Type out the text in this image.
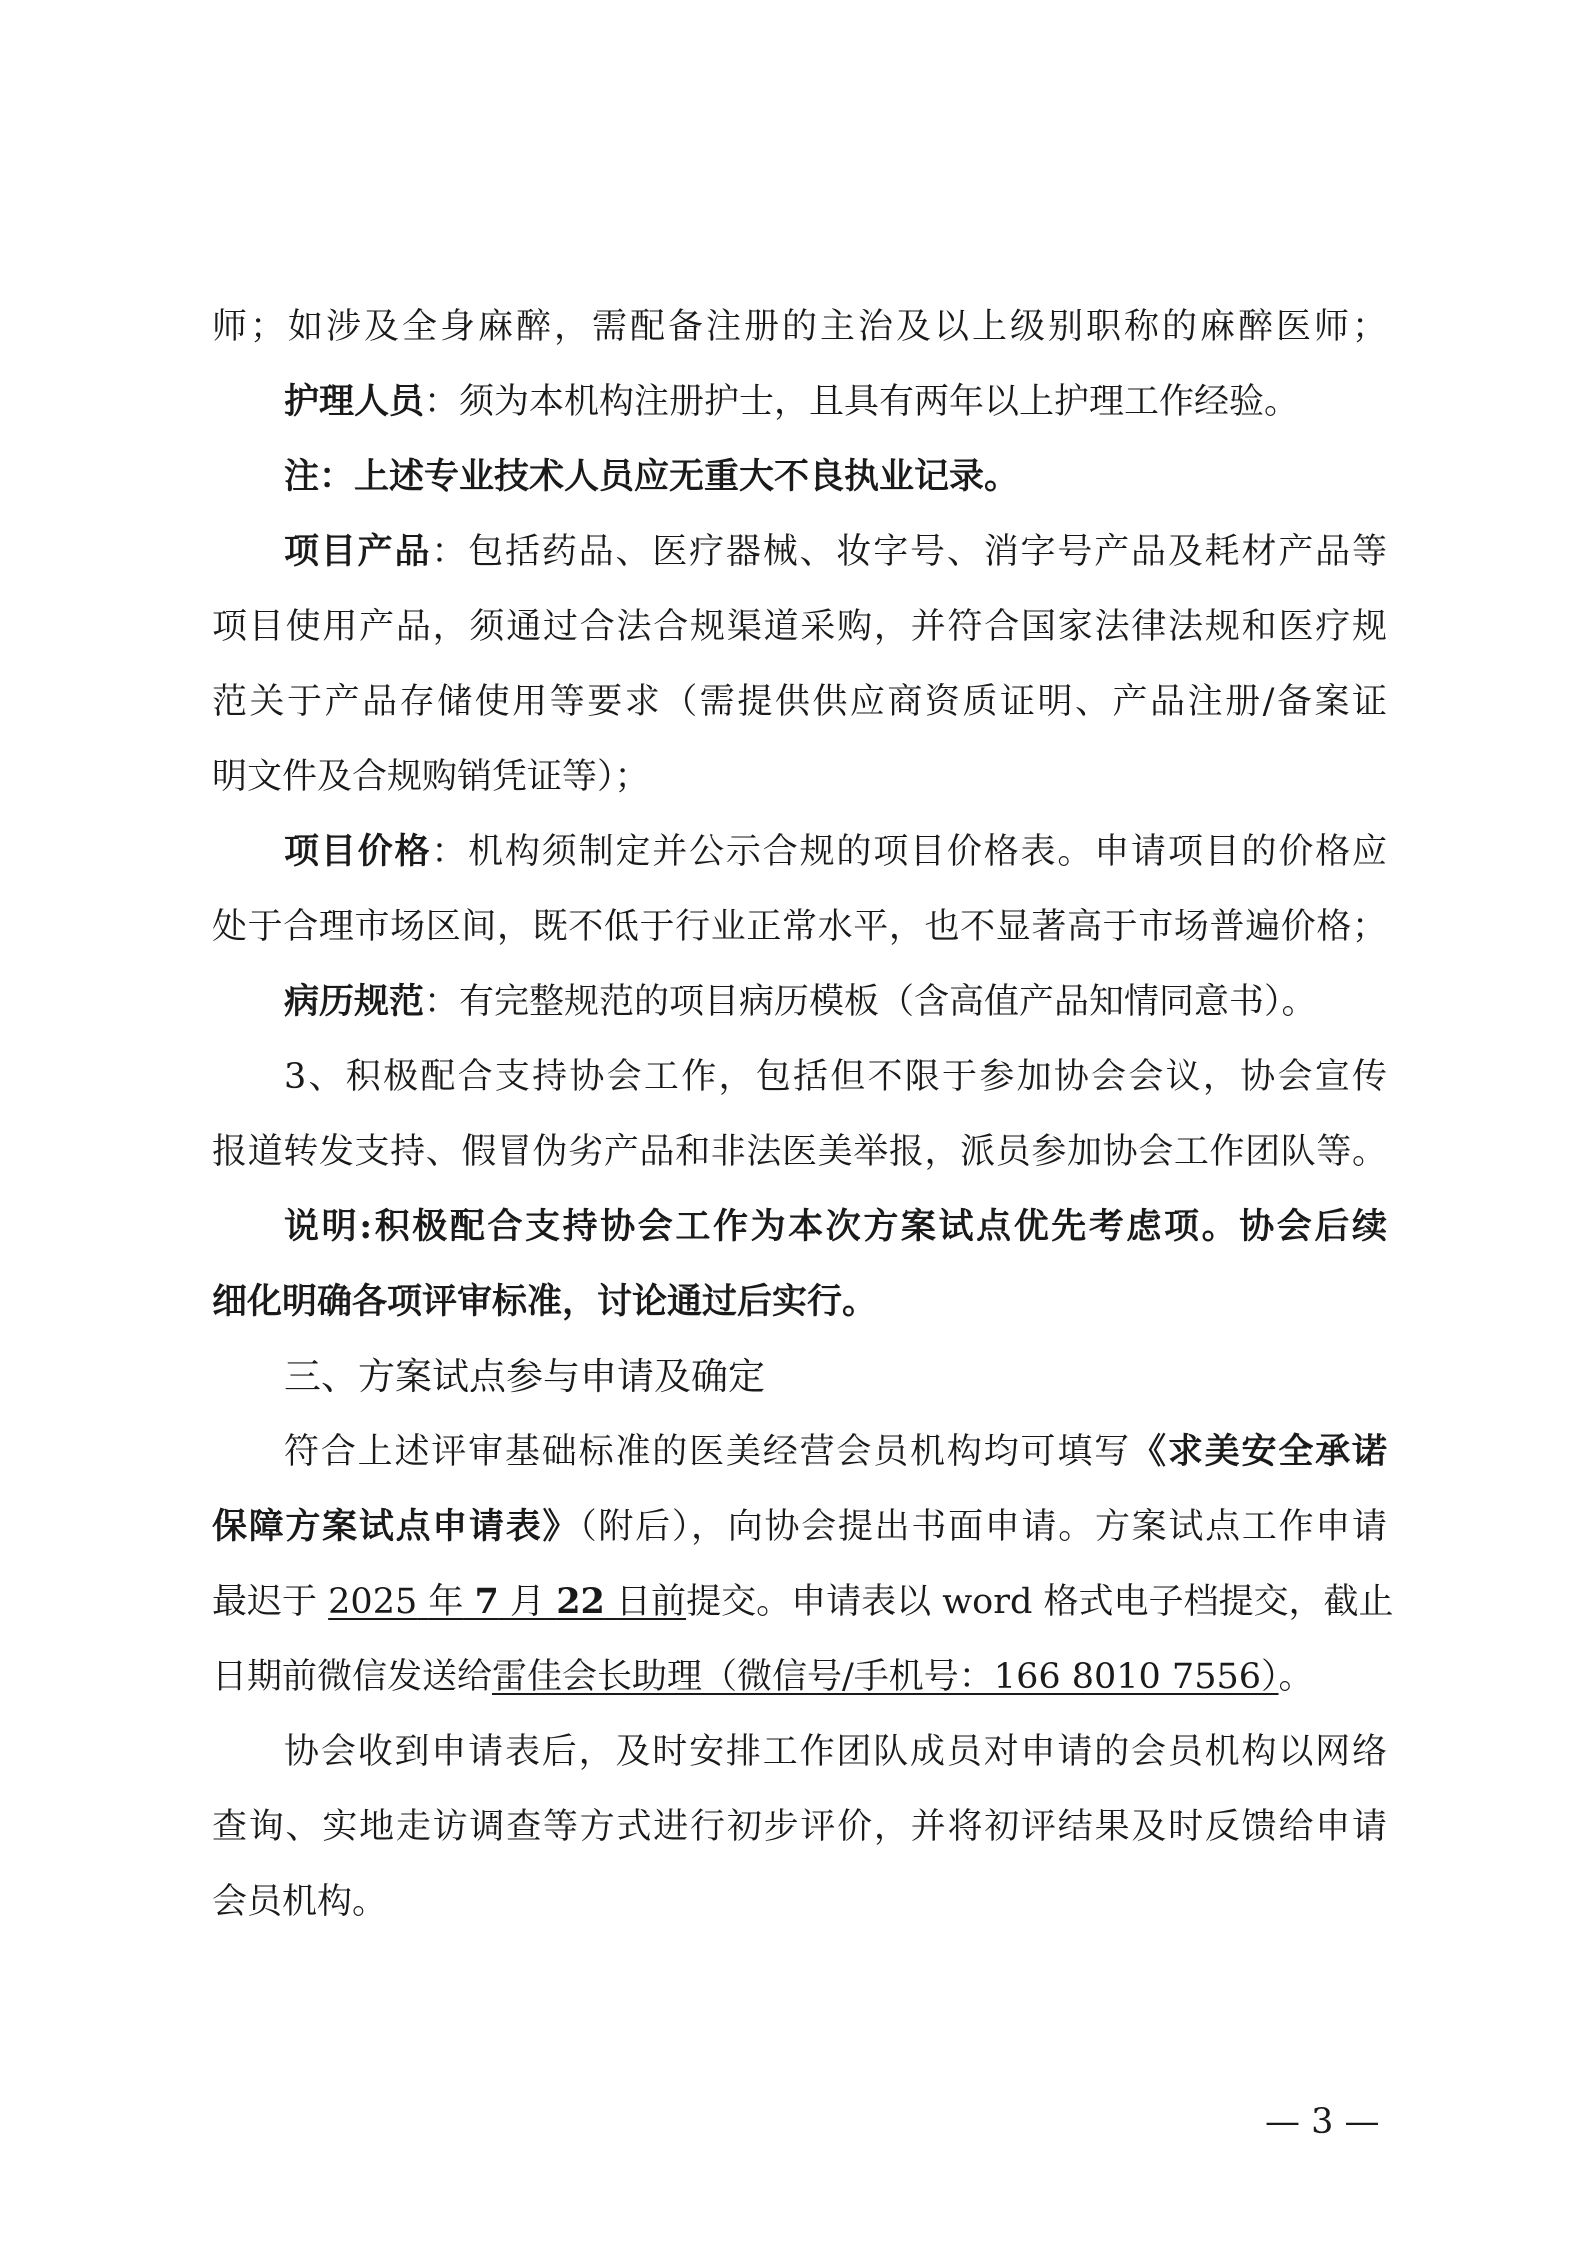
师；如涉及全身麻醉，需配备注册的主治及以上级别职称的麻醉医师；
护理人员：须为本机构注册护士，且具有两年以上护理工作经验。
注：上述专业技术人员应无重大不良执业记录。
项目产品：包括药品、医疗器械、妆字号、消字号产品及耗材产品等
项目使用产品，须通过合法合规渠道采购，并符合国家法律法规和医疗规
范关于产品存储使用等要求（需提供供应商资质证明、产品注册/备案证
明文件及合规购销凭证等）；
项目价格：机构须制定并公示合规的项目价格表。申请项目的价格应
处于合理市场区间，既不低于行业正常水平，也不显著高于市场普遍价格；
病历规范：有完整规范的项目病历模板（含高值产品知情同意书）。
3、积极配合支持协会工作，包括但不限于参加协会会议，协会宣传
报道转发支持、假冒伪劣产品和非法医美举报，派员参加协会工作团队等。
说明:积极配合支持协会工作为本次方案试点优先考虑项。协会后续
细化明确各项评审标准，讨论通过后实行。
三、方案试点参与申请及确定
符合上述评审基础标准的医美经营会员机构均可填写《求美安全承诺
保障方案试点申请表》（附后），向协会提出书面申请。方案试点工作申请
最迟于 2025 年 7 月 22 日前提交。申请表以 word 格式电子档提交，截止
日期前微信发送给雷佳会长助理（微信号/手机号：166 8010 7556）。
协会收到申请表后，及时安排工作团队成员对申请的会员机构以网络
查询、实地走访调查等方式进行初步评价，并将初评结果及时反馈给申请
会员机构。
— 3 —
